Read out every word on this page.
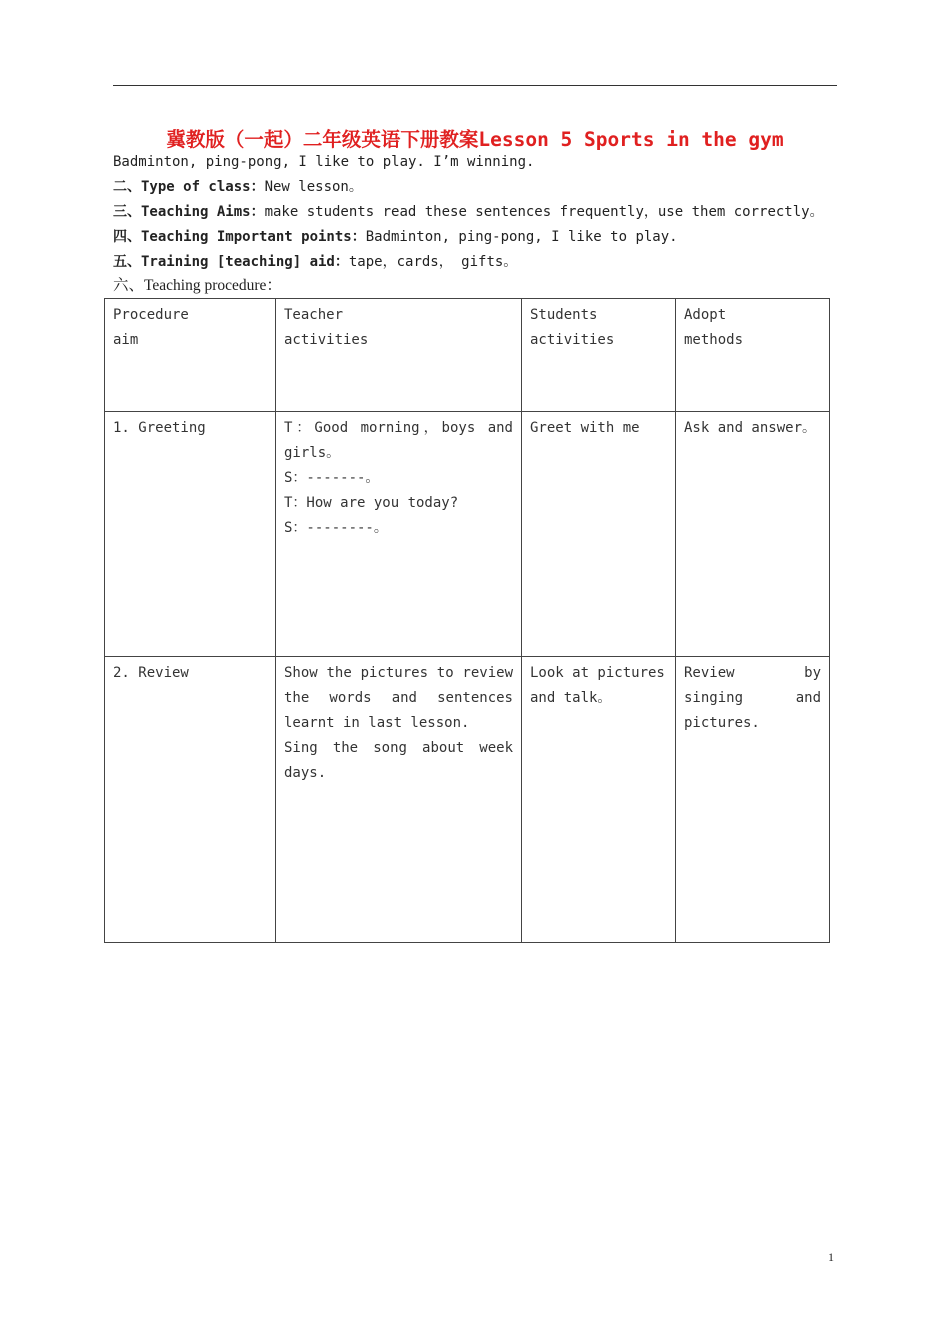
冀教版（一起）二年级英语下册教案Lesson 5 Sports in the gym
Badminton, ping-pong, I like to play. I’m winning.
二、Type of class：New lesson。
三、Teaching Aims：make students read these sentences frequently，use them correctly。
四、Teaching Important points：Badminton, ping-pong, I like to play.
五、Training [teaching] aid：tape，cards， gifts。
六、Teaching procedure：
Procedure aim	Teacher activities	Students activities	Adopt methods
1. Greeting	T：Good morning，boys and girls。
S：-------。
T：How are you today?
S：--------。	Greet with me	Ask and answer。
2. Review	Show the pictures to review the words and sentences learnt in last lesson.
Sing the song about week days.	Look at pictures and talk。	Review by singing and pictures.
1
